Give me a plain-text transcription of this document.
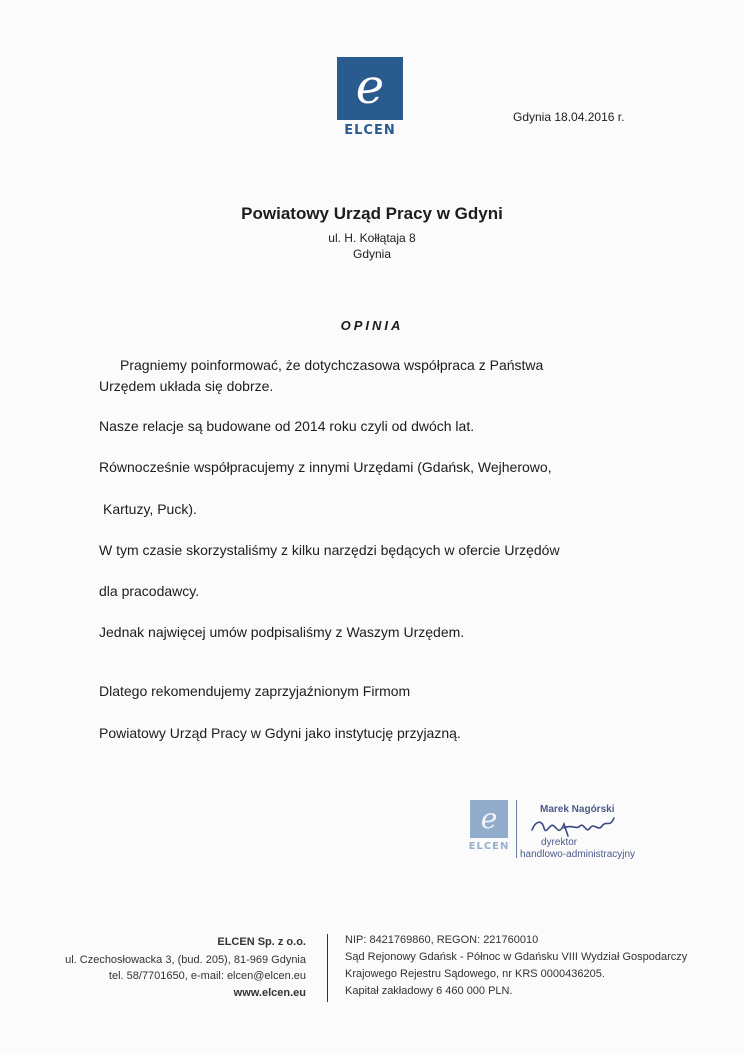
e
ELCEN
Gdynia 18.04.2016 r.
Powiatowy Urząd Pracy w Gdyni
ul. H. Kołłątaja 8
Gdynia
OPINIA
Pragniemy poinformować, że dotychczasowa współpraca z Państwa
Urzędem układa się dobrze.
Nasze relacje są budowane od 2014 roku czyli od dwóch lat.
Równocześnie współpracujemy z innymi Urzędami (Gdańsk, Wejherowo,
Kartuzy, Puck).
W tym czasie skorzystaliśmy z kilku narzędzi będących w ofercie Urzędów
dla pracodawcy.
Jednak najwięcej umów podpisaliśmy z Waszym Urzędem.
Dlatego rekomendujemy zaprzyjaźnionym Firmom
Powiatowy Urząd Pracy w Gdyni jako instytucję przyjazną.
e
ELCEN
Marek Nagórski
dyrektor
handlowo-administracyjny
ELCEN Sp. z o.o.
ul. Czechosłowacka 3, (bud. 205), 81-969 Gdynia
tel. 58/7701650, e-mail: elcen@elcen.eu
www.elcen.eu
NIP: 8421769860, REGON: 221760010
Sąd Rejonowy Gdańsk - Północ w Gdańsku VIII Wydział Gospodarczy
Krajowego Rejestru Sądowego, nr KRS 0000436205.
Kapitał zakładowy 6 460 000 PLN.
